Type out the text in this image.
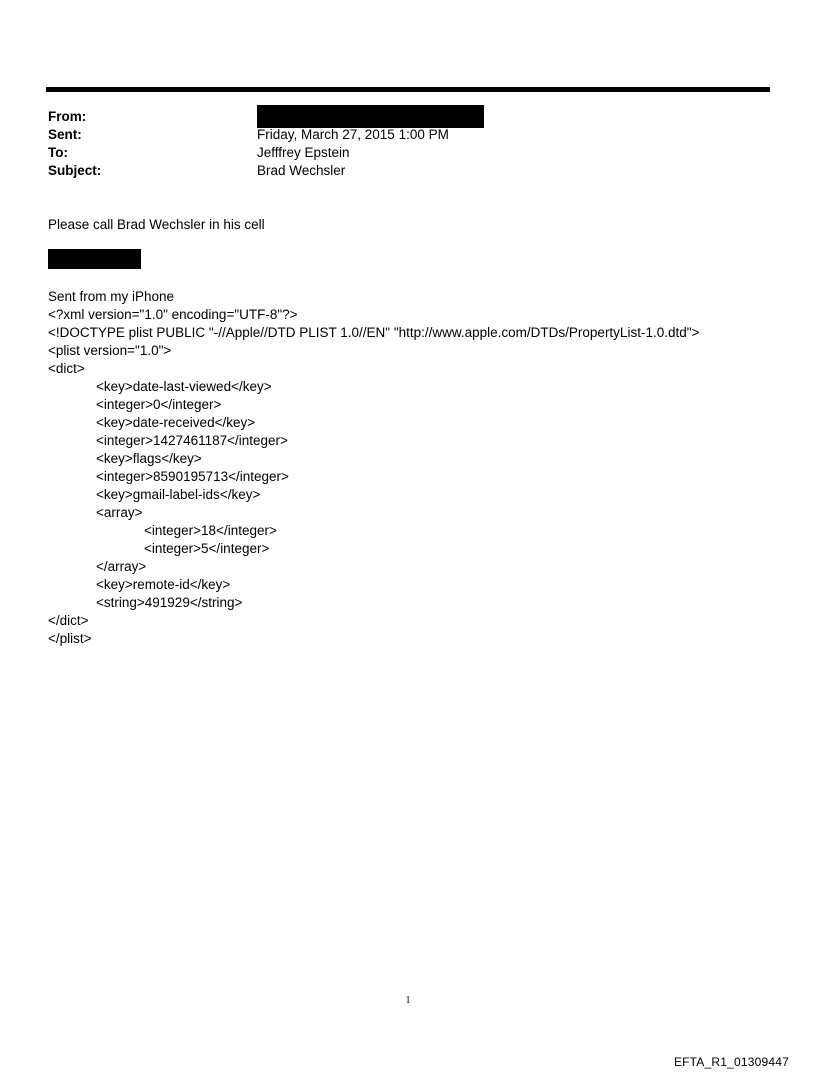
From:
Sent:	Friday, March 27, 2015 1:00 PM
To:	Jefffrey Epstein
Subject:	Brad Wechsler
Please call Brad Wechsler in his cell
Sent from my iPhone
<?xml version="1.0" encoding="UTF-8"?>
<!DOCTYPE plist PUBLIC "-//Apple//DTD PLIST 1.0//EN" "http://www.apple.com/DTDs/PropertyList-1.0.dtd">
<plist version="1.0">
<dict>
<key>date-last-viewed</key>
<integer>0</integer>
<key>date-received</key>
<integer>1427461187</integer>
<key>flags</key>
<integer>8590195713</integer>
<key>gmail-label-ids</key>
<array>
<integer>18</integer>
<integer>5</integer>
</array>
<key>remote-id</key>
<string>491929</string>
</dict>
</plist>
1
EFTA_R1_01309447
